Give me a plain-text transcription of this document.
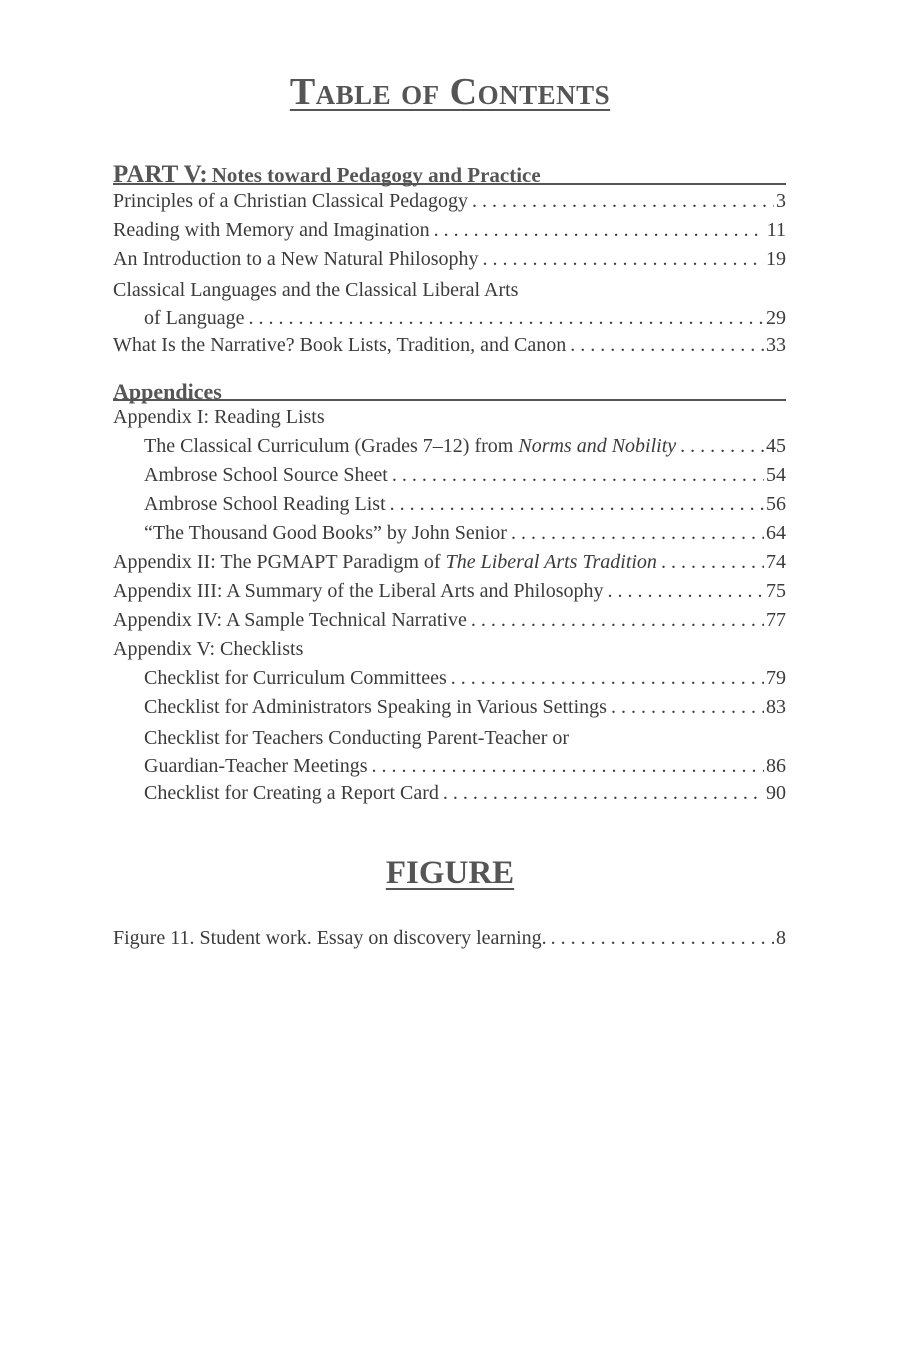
Table of Contents
PART V: Notes toward Pedagogy and Practice
Principles of a Christian Classical Pedagogy . . .	3
Reading with Memory and Imagination . . .	11
An Introduction to a New Natural Philosophy . . .	19
Classical Languages and the Classical Liberal Arts
of Language . . .	29
What Is the Narrative? Book Lists, Tradition, and Canon . . .	33
Appendices
Appendix I: Reading Lists
The Classical Curriculum (Grades 7–12) from Norms and Nobility . . .	45
Ambrose School Source Sheet . . .	54
Ambrose School Reading List . . .	56
“The Thousand Good Books” by John Senior . . .	64
Appendix II: The PGMAPT Paradigm of The Liberal Arts Tradition . . .	74
Appendix III: A Summary of the Liberal Arts and Philosophy . . .	75
Appendix IV: A Sample Technical Narrative . . .	77
Appendix V: Checklists
Checklist for Curriculum Committees . . .	79
Checklist for Administrators Speaking in Various Settings . . .	83
Checklist for Teachers Conducting Parent-Teacher or
Guardian-Teacher Meetings . . .	86
Checklist for Creating a Report Card . . .	90
FIGURE
Figure 11. Student work. Essay on discovery learning. . . .	8
